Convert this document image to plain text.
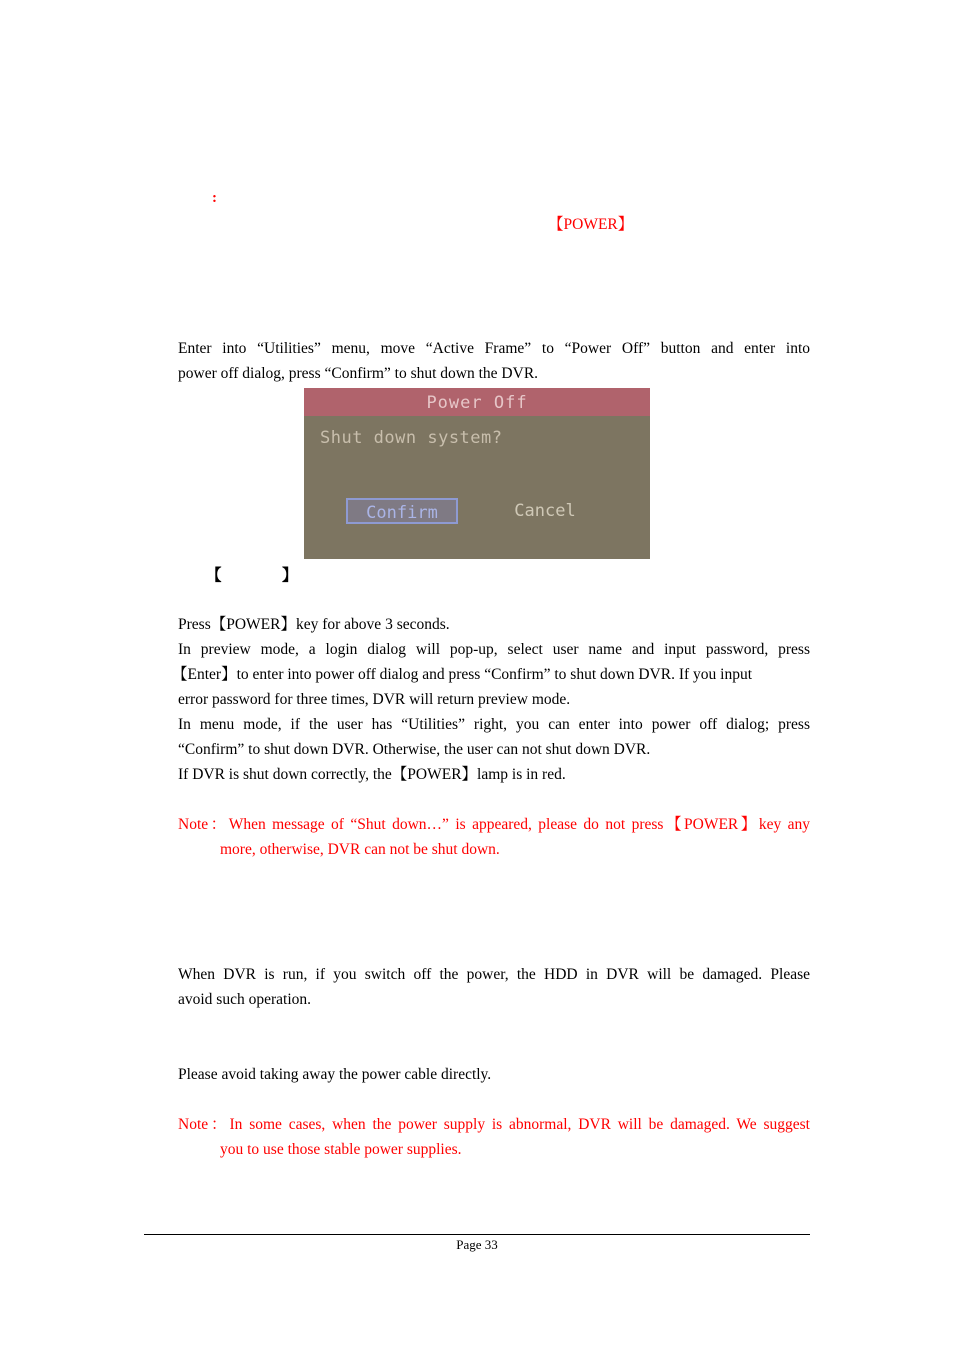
:
【POWER】
Enter into “Utilities” menu, move “Active Frame” to “Power Off” button and enter into
power off dialog, press “Confirm” to shut down the DVR.
Power Off
Shut down system?
Confirm	Cancel
【	】
Press【POWER】key for above 3 seconds.
In preview mode, a login dialog will pop-up, select user name and input password, press
【Enter】to enter into power off dialog and press “Confirm” to shut down DVR. If you input
error password for three times, DVR will return preview mode.
In menu mode, if the user has “Utilities” right, you can enter into power off dialog; press
“Confirm” to shut down DVR. Otherwise, the user can not shut down DVR.
If DVR is shut down correctly, the【POWER】lamp is in red.
Note：When message of “Shut down…” is appeared, please do not press【POWER】key any
more, otherwise, DVR can not be shut down.
When DVR is run, if you switch off the power, the HDD in DVR will be damaged. Please
avoid such operation.
Please avoid taking away the power cable directly.
Note：In some cases, when the power supply is abnormal, DVR will be damaged. We suggest
you to use those stable power supplies.
Page 33
